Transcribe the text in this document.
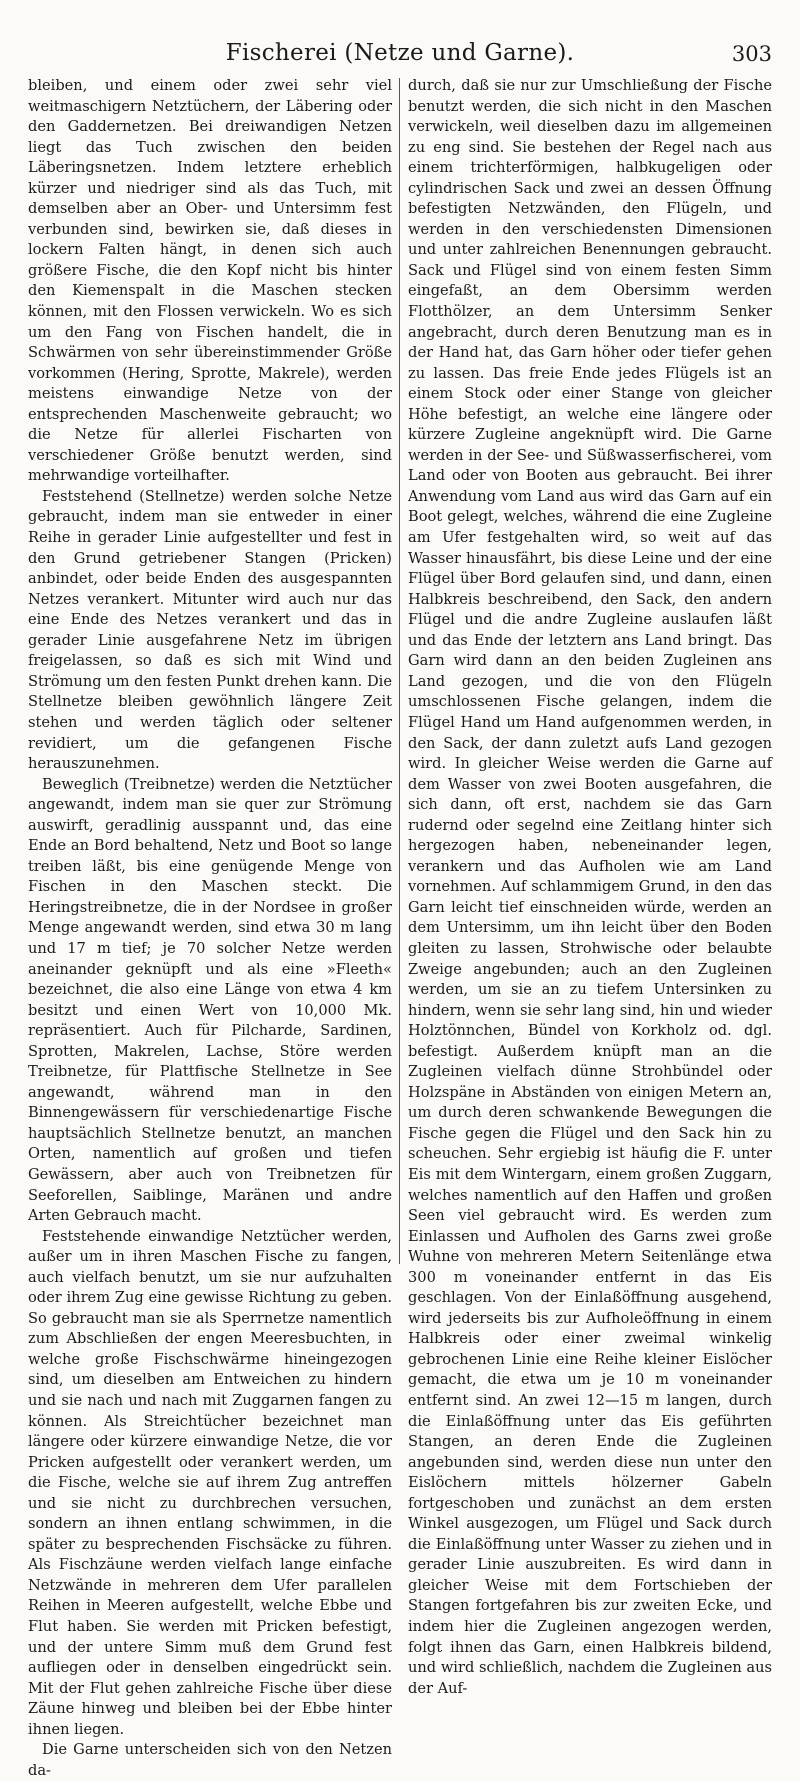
Fischerei (Netze und Garne).	303

bleiben, und einem oder zwei sehr viel weitmaschigern Netztüchern, der Läbering oder den Gaddernetzen. Bei dreiwandigen Netzen liegt das Tuch zwischen den beiden Läberingsnetzen. Indem letztere erheblich kürzer und niedriger sind als das Tuch, mit demselben aber an Ober- und Untersimm fest verbunden sind, bewirken sie, daß dieses in lockern Falten hängt, in denen sich auch größere Fische, die den Kopf nicht bis hinter den Kiemenspalt in die Maschen stecken können, mit den Flossen verwickeln. Wo es sich um den Fang von Fischen handelt, die in Schwärmen von sehr übereinstimmender Größe vorkommen (Hering, Sprotte, Makrele), werden meistens einwandige Netze von der entsprechenden Maschenweite gebraucht; wo die Netze für allerlei Fischarten von verschiedener Größe benutzt werden, sind mehrwandige vorteilhafter.

Feststehend (Stellnetze) werden solche Netze gebraucht, indem man sie entweder in einer Reihe in gerader Linie aufgestellter und fest in den Grund getriebener Stangen (Pricken) anbindet, oder beide Enden des ausgespannten Netzes verankert. Mitunter wird auch nur das eine Ende des Netzes verankert und das in gerader Linie ausgefahrene Netz im übrigen freigelassen, so daß es sich mit Wind und Strömung um den festen Punkt drehen kann. Die Stellnetze bleiben gewöhnlich längere Zeit stehen und werden täglich oder seltener revidiert, um die gefangenen Fische herauszunehmen.

Beweglich (Treibnetze) werden die Netztücher angewandt, indem man sie quer zur Strömung auswirft, geradlinig ausspannt und, das eine Ende an Bord behaltend, Netz und Boot so lange treiben läßt, bis eine genügende Menge von Fischen in den Maschen steckt. Die Heringstreibnetze, die in der Nordsee in großer Menge angewandt werden, sind etwa 30 m lang und 17 m tief; je 70 solcher Netze werden aneinander geknüpft und als eine »Fleeth« bezeichnet, die also eine Länge von etwa 4 km besitzt und einen Wert von 10,000 Mk. repräsentiert. Auch für Pilcharde, Sardinen, Sprotten, Makrelen, Lachse, Störe werden Treibnetze, für Plattfische Stellnetze in See angewandt, während man in den Binnengewässern für verschiedenartige Fische hauptsächlich Stellnetze benutzt, an manchen Orten, namentlich auf großen und tiefen Gewässern, aber auch von Treibnetzen für Seeforellen, Saiblinge, Maränen und andre Arten Gebrauch macht.

Feststehende einwandige Netztücher werden, außer um in ihren Maschen Fische zu fangen, auch vielfach benutzt, um sie nur aufzuhalten oder ihrem Zug eine gewisse Richtung zu geben. So gebraucht man sie als Sperrnetze namentlich zum Abschließen der engen Meeresbuchten, in welche große Fischschwärme hineingezogen sind, um dieselben am Entweichen zu hindern und sie nach und nach mit Zuggarnen fangen zu können. Als Streichtücher bezeichnet man längere oder kürzere einwandige Netze, die vor Pricken aufgestellt oder verankert werden, um die Fische, welche sie auf ihrem Zug antreffen und sie nicht zu durchbrechen versuchen, sondern an ihnen entlang schwimmen, in die später zu besprechenden Fischsäcke zu führen. Als Fischzäune werden vielfach lange einfache Netzwände in mehreren dem Ufer parallelen Reihen in Meeren aufgestellt, welche Ebbe und Flut haben. Sie werden mit Pricken befestigt, und der untere Simm muß dem Grund fest aufliegen oder in denselben eingedrückt sein. Mit der Flut gehen zahlreiche Fische über diese Zäune hinweg und bleiben bei der Ebbe hinter ihnen liegen.

Die Garne unterscheiden sich von den Netzen da-

durch, daß sie nur zur Umschließung der Fische benutzt werden, die sich nicht in den Maschen verwickeln, weil dieselben dazu im allgemeinen zu eng sind. Sie bestehen der Regel nach aus einem trichterförmigen, halbkugeligen oder cylindrischen Sack und zwei an dessen Öffnung befestigten Netzwänden, den Flügeln, und werden in den verschiedensten Dimensionen und unter zahlreichen Benennungen gebraucht. Sack und Flügel sind von einem festen Simm eingefaßt, an dem Obersimm werden Flotthölzer, an dem Untersimm Senker angebracht, durch deren Benutzung man es in der Hand hat, das Garn höher oder tiefer gehen zu lassen. Das freie Ende jedes Flügels ist an einem Stock oder einer Stange von gleicher Höhe befestigt, an welche eine längere oder kürzere Zugleine angeknüpft wird. Die Garne werden in der See- und Süßwasserfischerei, vom Land oder von Booten aus gebraucht. Bei ihrer Anwendung vom Land aus wird das Garn auf ein Boot gelegt, welches, während die eine Zugleine am Ufer festgehalten wird, so weit auf das Wasser hinausfährt, bis diese Leine und der eine Flügel über Bord gelaufen sind, und dann, einen Halbkreis beschreibend, den Sack, den andern Flügel und die andre Zugleine auslaufen läßt und das Ende der letztern ans Land bringt. Das Garn wird dann an den beiden Zugleinen ans Land gezogen, und die von den Flügeln umschlossenen Fische gelangen, indem die Flügel Hand um Hand aufgenommen werden, in den Sack, der dann zuletzt aufs Land gezogen wird. In gleicher Weise werden die Garne auf dem Wasser von zwei Booten ausgefahren, die sich dann, oft erst, nachdem sie das Garn rudernd oder segelnd eine Zeitlang hinter sich hergezogen haben, nebeneinander legen, verankern und das Aufholen wie am Land vornehmen. Auf schlammigem Grund, in den das Garn leicht tief einschneiden würde, werden an dem Untersimm, um ihn leicht über den Boden gleiten zu lassen, Strohwische oder belaubte Zweige angebunden; auch an den Zugleinen werden, um sie an zu tiefem Untersinken zu hindern, wenn sie sehr lang sind, hin und wieder Holztönnchen, Bündel von Korkholz od. dgl. befestigt. Außerdem knüpft man an die Zugleinen vielfach dünne Strohbündel oder Holzspäne in Abständen von einigen Metern an, um durch deren schwankende Bewegungen die Fische gegen die Flügel und den Sack hin zu scheuchen. Sehr ergiebig ist häufig die F. unter Eis mit dem Wintergarn, einem großen Zuggarn, welches namentlich auf den Haffen und großen Seen viel gebraucht wird. Es werden zum Einlassen und Aufholen des Garns zwei große Wuhne von mehreren Metern Seitenlänge etwa 300 m voneinander entfernt in das Eis geschlagen. Von der Einlaßöffnung ausgehend, wird jederseits bis zur Aufholeöffnung in einem Halbkreis oder einer zweimal winkelig gebrochenen Linie eine Reihe kleiner Eislöcher gemacht, die etwa um je 10 m voneinander entfernt sind. An zwei 12—15 m langen, durch die Einlaßöffnung unter das Eis geführten Stangen, an deren Ende die Zugleinen angebunden sind, werden diese nun unter den Eislöchern mittels hölzerner Gabeln fortgeschoben und zunächst an dem ersten Winkel ausgezogen, um Flügel und Sack durch die Einlaßöffnung unter Wasser zu ziehen und in gerader Linie auszubreiten. Es wird dann in gleicher Weise mit dem Fortschieben der Stangen fortgefahren bis zur zweiten Ecke, und indem hier die Zugleinen angezogen werden, folgt ihnen das Garn, einen Halbkreis bildend, und wird schließlich, nachdem die Zugleinen aus der Auf-
